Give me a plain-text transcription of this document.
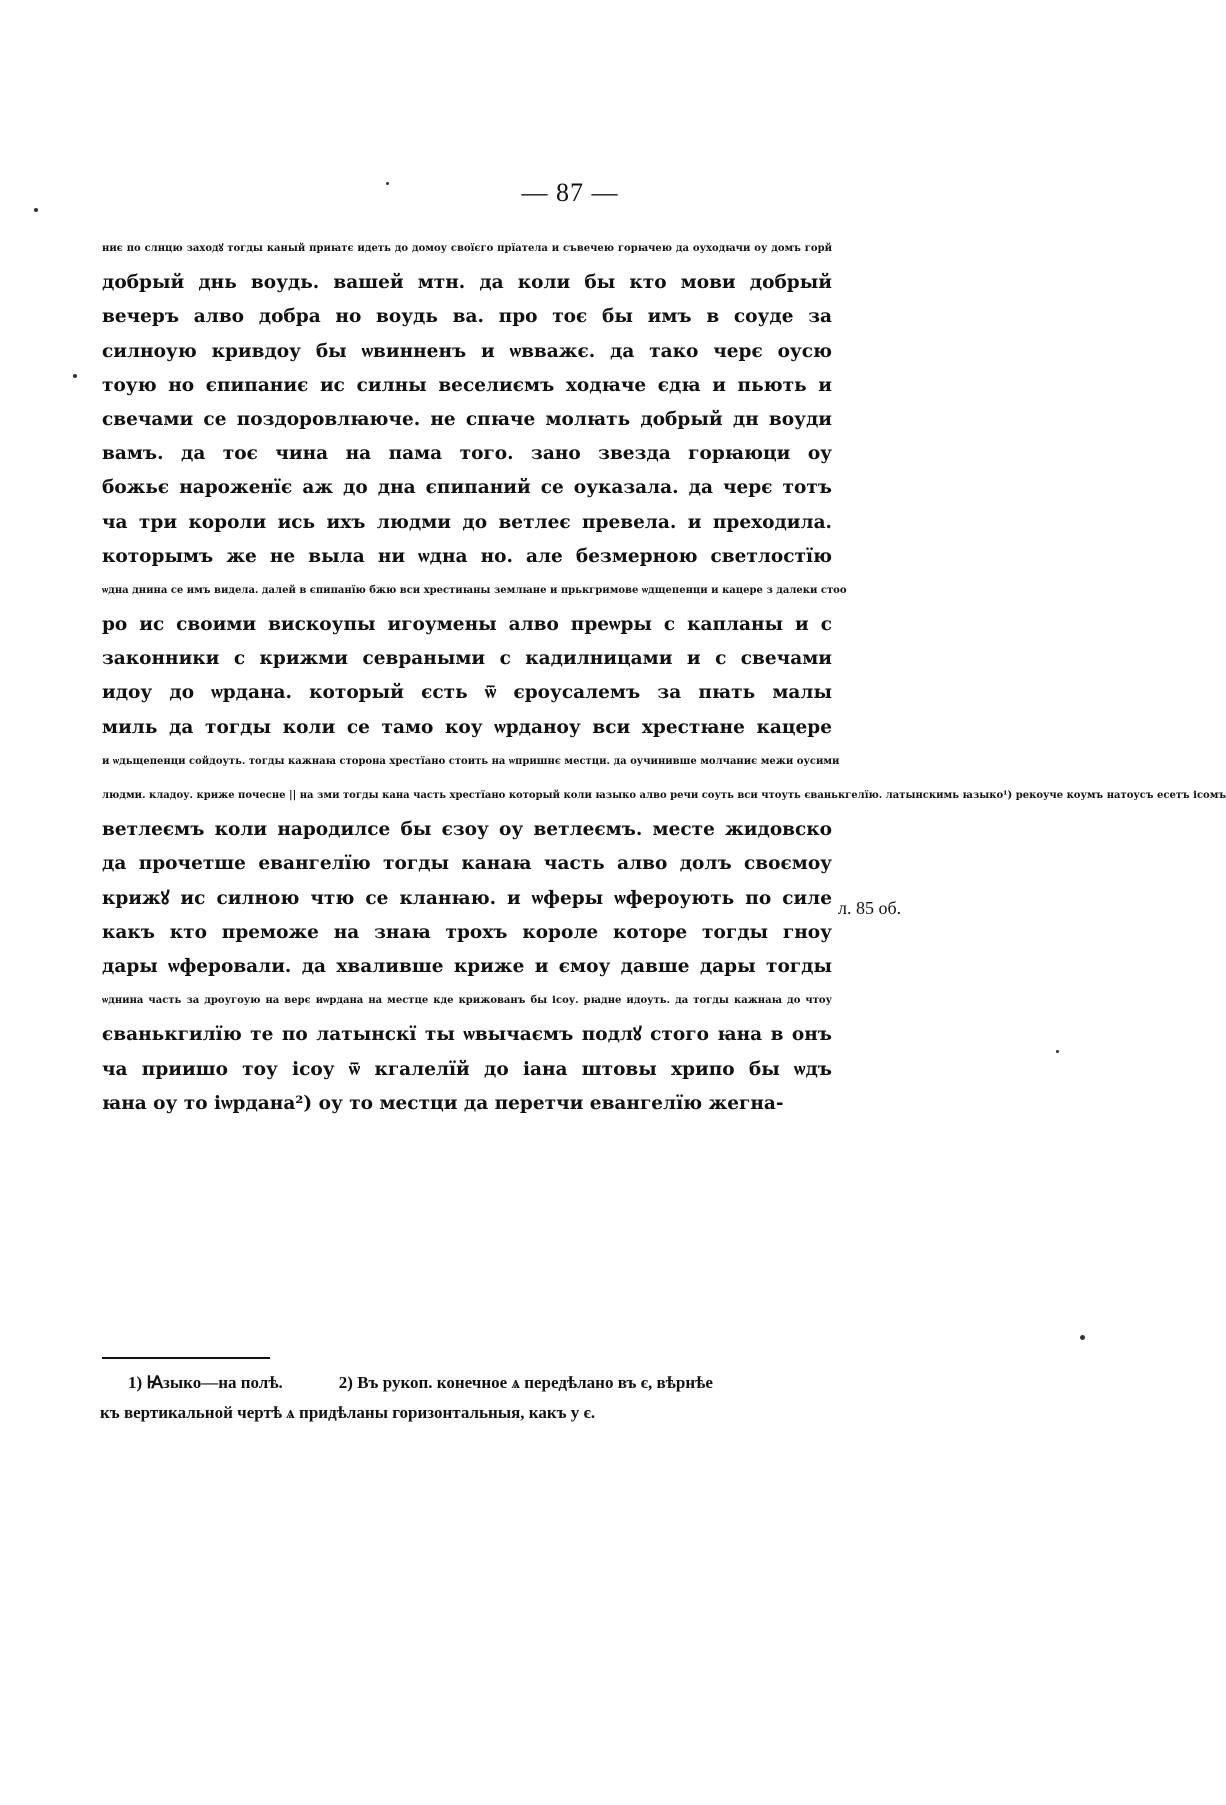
— 87 —
ниє по слнцю заходꙋ тогды каный приꙗтє идеть до домоу своїєго прїатела и съвечею горꙗчею да оуходꙗчи оу домъ горй
добрый днь воудь. вашей мтн. да коли бы кто мови добрый
вечеръ алво добра но воудь ва. про тоє бы имъ в соуде за
силноую кривдоу бы ѡвинненъ и ѡвважє. да тако черє оусю
тоую но єпипаниє ис силны веселиємъ ходꙗче єдꙗ и пьють и
свечами се поздоровлꙗюче. не спꙗче молꙗть добрый дн воуди
вамъ. да тоє чина на пама того. зано звезда горꙗюци оу
божьє нароженїє аж до дна єпипаний се оуказала. да черє тотъ
ча три короли ись ихъ людми до ветлеє превела. и преходила.
которымъ же не выла ни ѡдна но. але безмерною светлостїю
ѡдна днина се имъ видела. далей в єпипанїю бжю вси хрестиꙗны землꙗне и прькгримове ѡдщепенци и кацере з далеки стоо
ро ис своими вискоупы игоумены алво преѡры с капланы и с
законники с крижми севраными с кадилницами и с свечами
идоу до ѡрдана. который єсть ѿ єроусалемъ за пꙗть малы
миль да тогды коли се тамо коу ѡрданоу вси хрестꙗне кацере
и ѡдьщепенци сойдоуть. тогды кажнаꙗ сторона хрестїано стоить на ѡпришнє местци. да оучинивше молчаниє межи оусими
людми. кладоу. криже почесне || на зми тогды кана часть хрестїано который коли ꙗзыко алво речи соуть вси чтоуть єванькгелїю. латынскимь ꙗзыко¹) рекоуче коумъ натоусъ есетъ ісомъ
ветлеємъ коли народилсе бы єзоу оу ветлеємъ. месте жидовско
да прочетше евангелїю тогды канаꙗ часть алво долъ своємоу
крижꙋ ис силною чтю се кланꙗю. и ѡферы ѡфероують по силе
какъ кто преможе на знаꙗ трохъ короле которе тогды гноу
дары ѡферовали. да хваливше криже и ємоу давше дары тогды
ѡднина часть за дроугоую на верє иѡрдана на местце кде крижованъ бы ісоу. рꙗдне идоуть. да тогды кажнаꙗ до чтоу
єванькгилїю те по латынскї ты ѡвычаємъ подлꙋ стого ꙗна в онъ
ча приишо тоу ісоу ѿ кгалелїй до іана штовы хрипо бы ѡдъ
ꙗна оу то іѡрдана²) оу то местци да перетчи евангелїю жегна-
л. 85 об.
1) Ꙗзыко—на полѣ.	2) Въ рукоп. конечное ѧ передѣлано въ є, вѣрнѣе
къ вертикальной чертѣ ѧ придѣланы горизонтальныя, какъ у є.
